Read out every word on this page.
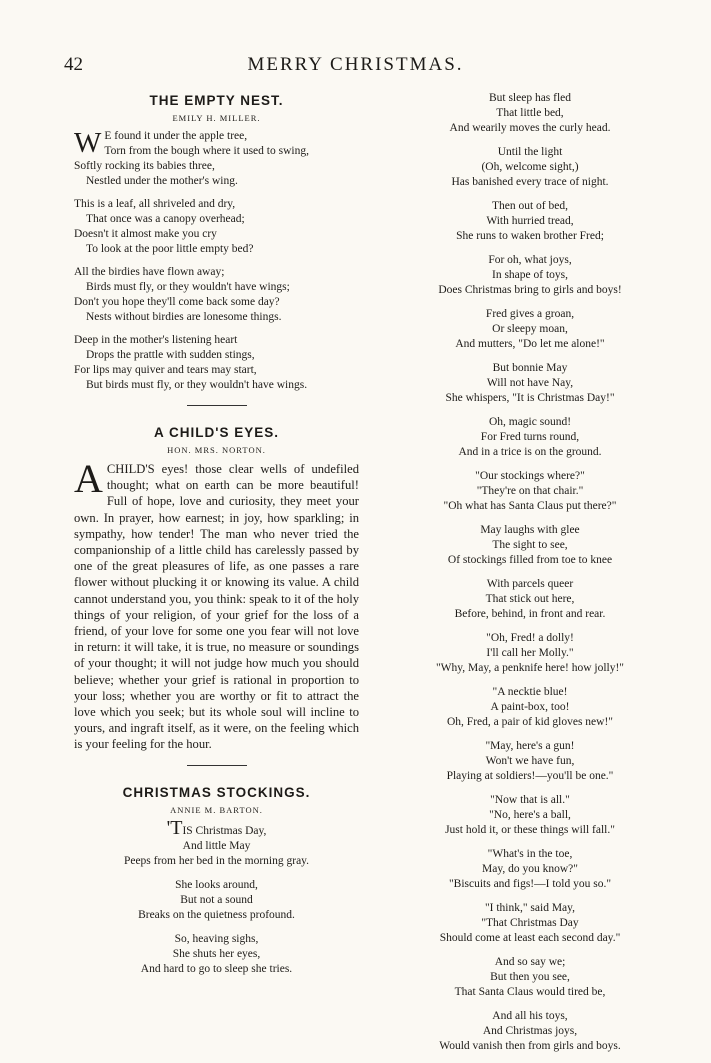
42	MERRY CHRISTMAS.
THE EMPTY NEST.
EMILY H. MILLER.
W E found it under the apple tree,
Torn from the bough where it used to swing,
Softly rocking its babies three,
Nestled under the mother's wing.
This is a leaf, all shriveled and dry,
That once was a canopy overhead;
Doesn't it almost make you cry
To look at the poor little empty bed?
All the birdies have flown away;
Birds must fly, or they wouldn't have wings;
Don't you hope they'll come back some day?
Nests without birdies are lonesome things.
Deep in the mother's listening heart
Drops the prattle with sudden stings,
For lips may quiver and tears may start,
But birds must fly, or they wouldn't have wings.
A CHILD'S EYES.
HON. MRS. NORTON.

ACHILD'S eyes! those clear wells of undefiled thought; what on earth can be more beautiful! Full of hope, love and curiosity, they meet your own. In prayer, how earnest; in joy, how sparkling; in sympathy, how tender! The man who never tried the companionship of a little child has carelessly passed by one of the great pleasures of life, as one passes a rare flower without plucking it or knowing its value. A child cannot understand you, you think: speak to it of the holy things of your religion, of your grief for the loss of a friend, of your love for some one you fear will not love in return: it will take, it is true, no measure or soundings of your thought; it will not judge how much you should believe; whether your grief is rational in proportion to your loss; whether you are worthy or fit to attract the love which you seek; but its whole soul will incline to yours, and ingraft itself, as it were, on the feeling which is your feeling for the hour.

CHRISTMAS STOCKINGS.
ANNIE M. BARTON.
'TIS Christmas Day,
And little May
Peeps from her bed in the morning gray.
She looks around,
But not a sound
Breaks on the quietness profound.
So, heaving sighs,
She shuts her eyes,
And hard to go to sleep she tries.
But sleep has fled
That little bed,
And wearily moves the curly head.
Until the light
(Oh, welcome sight,)
Has banished every trace of night.
Then out of bed,
With hurried tread,
She runs to waken brother Fred;
For oh, what joys,
In shape of toys,
Does Christmas bring to girls and boys!
Fred gives a groan,
Or sleepy moan,
And mutters, "Do let me alone!"
But bonnie May
Will not have Nay,
She whispers, "It is Christmas Day!"
Oh, magic sound!
For Fred turns round,
And in a trice is on the ground.
"Our stockings where?"
"They're on that chair."
"Oh what has Santa Claus put there?"
May laughs with glee
The sight to see,
Of stockings filled from toe to knee
With parcels queer
That stick out here,
Before, behind, in front and rear.
"Oh, Fred! a dolly!
I'll call her Molly."
"Why, May, a penknife here! how jolly!"
"A necktie blue!
A paint-box, too!
Oh, Fred, a pair of kid gloves new!"
"May, here's a gun!
Won't we have fun,
Playing at soldiers!—you'll be one."
"Now that is all."
"No, here's a ball,
Just hold it, or these things will fall."
"What's in the toe,
May, do you know?"
"Biscuits and figs!—I told you so."
"I think," said May,
"That Christmas Day
Should come at least each second day."
And so say we;
But then you see,
That Santa Claus would tired be,
And all his toys,
And Christmas joys,
Would vanish then from girls and boys.
